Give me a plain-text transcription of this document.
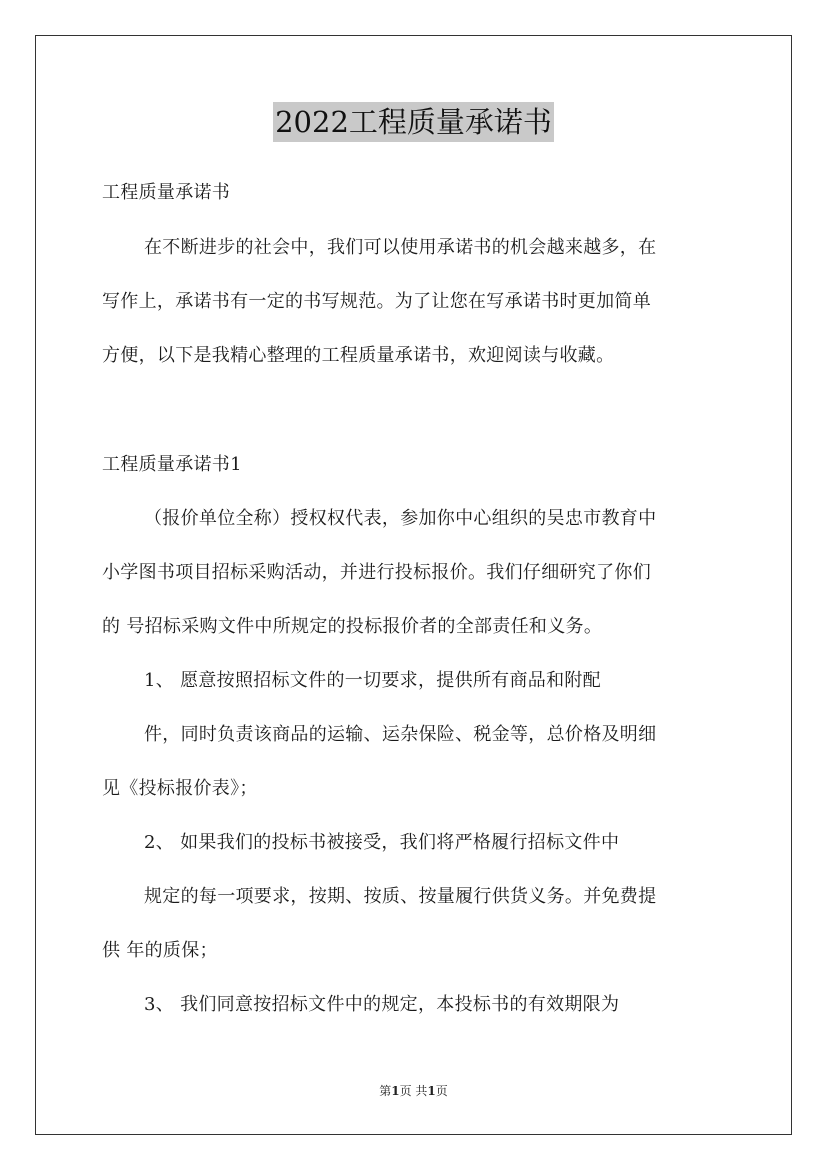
2022工程质量承诺书
工程质量承诺书
在不断进步的社会中，我们可以使用承诺书的机会越来越多，在
写作上，承诺书有一定的书写规范。为了让您在写承诺书时更加简单
方便，以下是我精心整理的工程质量承诺书，欢迎阅读与收藏。
工程质量承诺书1
（报价单位全称）授权权代表，参加你中心组织的吴忠市教育中
小学图书项目招标采购活动，并进行投标报价。我们仔细研究了你们
的 号招标采购文件中所规定的投标报价者的全部责任和义务。
1、 愿意按照招标文件的一切要求，提供所有商品和附配
件，同时负责该商品的运输、运杂保险、税金等，总价格及明细
见《投标报价表》；
2、 如果我们的投标书被接受，我们将严格履行招标文件中
规定的每一项要求，按期、按质、按量履行供货义务。并免费提
供 年的质保；
3、 我们同意按招标文件中的规定，本投标书的有效期限为
第1页 共1页
